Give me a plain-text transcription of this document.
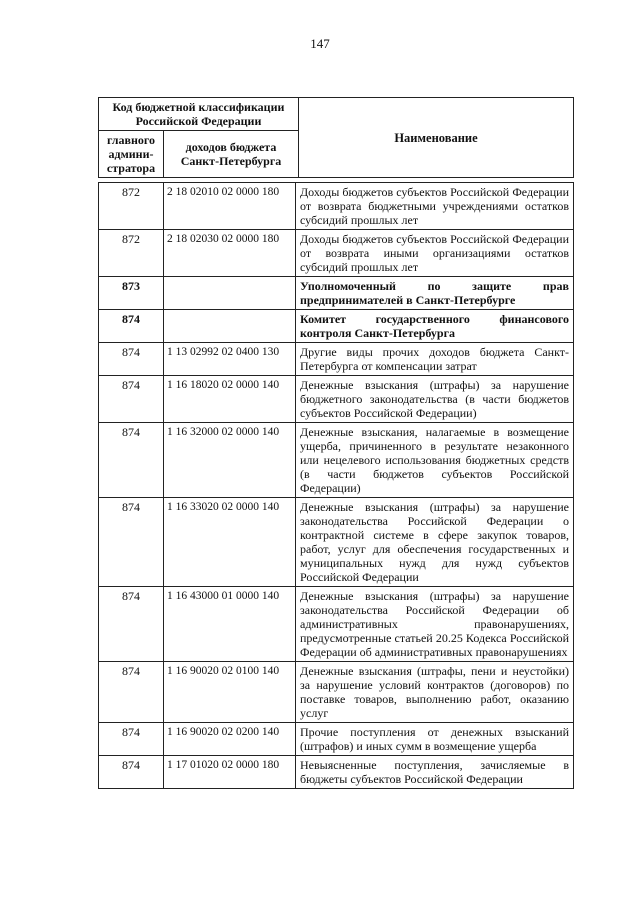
147
Код бюджетной классификации Российской Федерации		Наименование
главного админи-стратора	доходов бюджета Санкт-Петербурга	
872	2 18 02010 02 0000 180	Доходы бюджетов субъектов Российской Федерации от возврата бюджетными учреждениями остатков субсидий прошлых лет
872	2 18 02030 02 0000 180	Доходы бюджетов субъектов Российской Федерации от возврата иными организациями остатков субсидий прошлых лет
873		Уполномоченный по защите прав предпринимателей в Санкт-Петербурге
874		Комитет государственного финансового контроля Санкт-Петербурга
874	1 13 02992 02 0400 130	Другие виды прочих доходов бюджета Санкт-Петербурга от компенсации затрат
874	1 16 18020 02 0000 140	Денежные взыскания (штрафы) за нарушение бюджетного законодательства (в части бюджетов субъектов Российской Федерации)
874	1 16 32000 02 0000 140	Денежные взыскания, налагаемые в возмещение ущерба, причиненного в результате незаконного или нецелевого использования бюджетных средств (в части бюджетов субъектов Российской Федерации)
874	1 16 33020 02 0000 140	Денежные взыскания (штрафы) за нарушение законодательства Российской Федерации о контрактной системе в сфере закупок товаров, работ, услуг для обеспечения государственных и муниципальных нужд для нужд субъектов Российской Федерации
874	1 16 43000 01 0000 140	Денежные взыскания (штрафы) за нарушение законодательства Российской Федерации об административных правонарушениях, предусмотренные статьей 20.25 Кодекса Российской Федерации об административных правонарушениях
874	1 16 90020 02 0100 140	Денежные взыскания (штрафы, пени и неустойки) за нарушение условий контрактов (договоров) по поставке товаров, выполнению работ, оказанию услуг
874	1 16 90020 02 0200 140	Прочие поступления от денежных взысканий (штрафов) и иных сумм в возмещение ущерба
874	1 17 01020 02 0000 180	Невыясненные поступления, зачисляемые в бюджеты субъектов Российской Федерации
